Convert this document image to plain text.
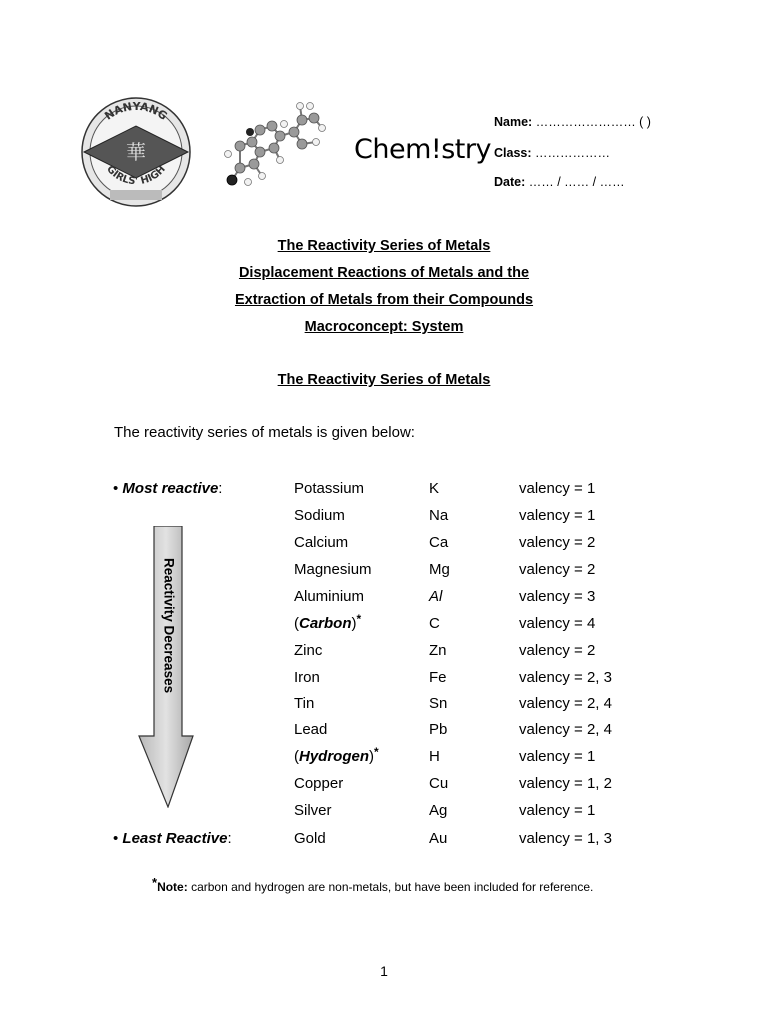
華
NANYANG
GIRLS' HIGH
Chem!stry
Name: …………………… ( )
Class: ………………
Date: …… / …… / ……
The Reactivity Series of Metals
Displacement Reactions of Metals and the
Extraction of Metals from their Compounds
Macroconcept: System
The Reactivity Series of Metals
The reactivity series of metals is given below:
Reactivity Decreases
• Most reactive:	Potassium	K	valency = 1
Sodium	Na	valency = 1
Calcium	Ca	valency = 2
Magnesium	Mg	valency = 2
Aluminium	Al	valency = 3
(Carbon)*	C	valency = 4
Zinc	Zn	valency = 2
Iron	Fe	valency = 2, 3
Tin	Sn	valency = 2, 4
Lead	Pb	valency = 2, 4
(Hydrogen)*	H	valency = 1
Copper	Cu	valency = 1, 2
Silver	Ag	valency = 1
• Least Reactive:	Gold	Au	valency = 1, 3
*Note: carbon and hydrogen are non-metals, but have been included for reference.
1
